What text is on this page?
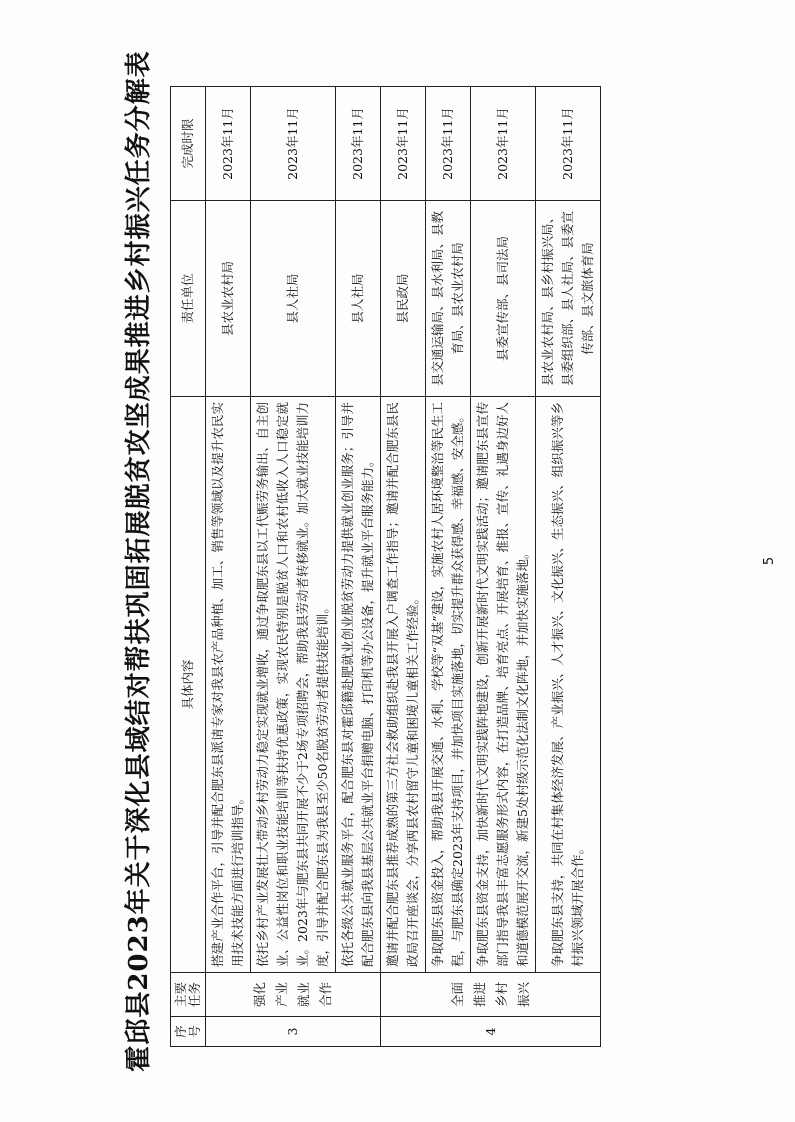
霍邱县2023年关于深化县域结对帮扶巩固拓展脱贫攻坚成果推进乡村振兴任务分解表	序号	主要任务	具体内容	责任单位	完成时限
3	强化产业就业合作	搭建产业合作平台，引导并配合肥东县派请专家对我县农产品种植、加工、销售等领域以及提升农民实用技术技能方面进行培训指导。	县农业农村局	2023年11月
		依托乡村产业发展壮大带动乡村劳动力稳定实现就业增收，通过争取肥东县以工代赈劳务输出、自主创业、公益性岗位和职业技能培训等扶持优惠政策，实现农民特别是脱贫人口和农村低收入人口稳定就业。2023年与肥东县共同开展不少于2场专项招聘会，帮助我县劳动者转移就业。加大就业技能培训力度，引导并配合肥东县为我县至少50名脱贫劳动者提供技能培训。	县人社局	2023年11月
		依托各级公共就业服务平台，配合肥东县对霍邱籍赴肥就业创业脱贫劳动力提供就业创业服务；引导并配合肥东县向我县基层公共就业平台捐赠电脑、打印机等办公设备，提升就业平台服务能力。	县人社局	2023年11月
4	全面推进乡村振兴	邀请并配合肥东县推荐成熟的第三方社会救助组织赴我县开展入户调查工作指导；邀请并配合肥东县民政局召开座谈会，分享两县农村留守儿童和困境儿童相关工作经验。	县民政局	2023年11月
		争取肥东县资金投入，帮助我县开展交通、水利、学校等“双基”建设，实施农村人居环境整治等民生工程，与肥东县确定2023年支持项目，并加快项目实施落地，切实提升群众获得感、幸福感、安全感。	县交通运输局、县水利局、县教育局、县农业农村局	2023年11月
		争取肥东县资金支持，加快新时代文明实践阵地建设，创新开展新时代文明实践活动；邀请肥东县宣传部门指导我县丰富志愿服务形式内容，在打造品牌、培育亮点、开展培育、推报、宣传、礼遇身边好人和道德模范展开交流，新建5处村级示范化法制文化阵地，并加快实施落地。	县委宣传部、县司法局	2023年11月
		争取肥东县支持，共同在村集体经济发展、产业振兴、人才振兴、文化振兴、生态振兴、组织振兴等乡村振兴领域开展合作。	县农业农村局、县乡村振兴局、县委组织部、县人社局、县委宣传部、县文旅体育局	2023年11月
5
